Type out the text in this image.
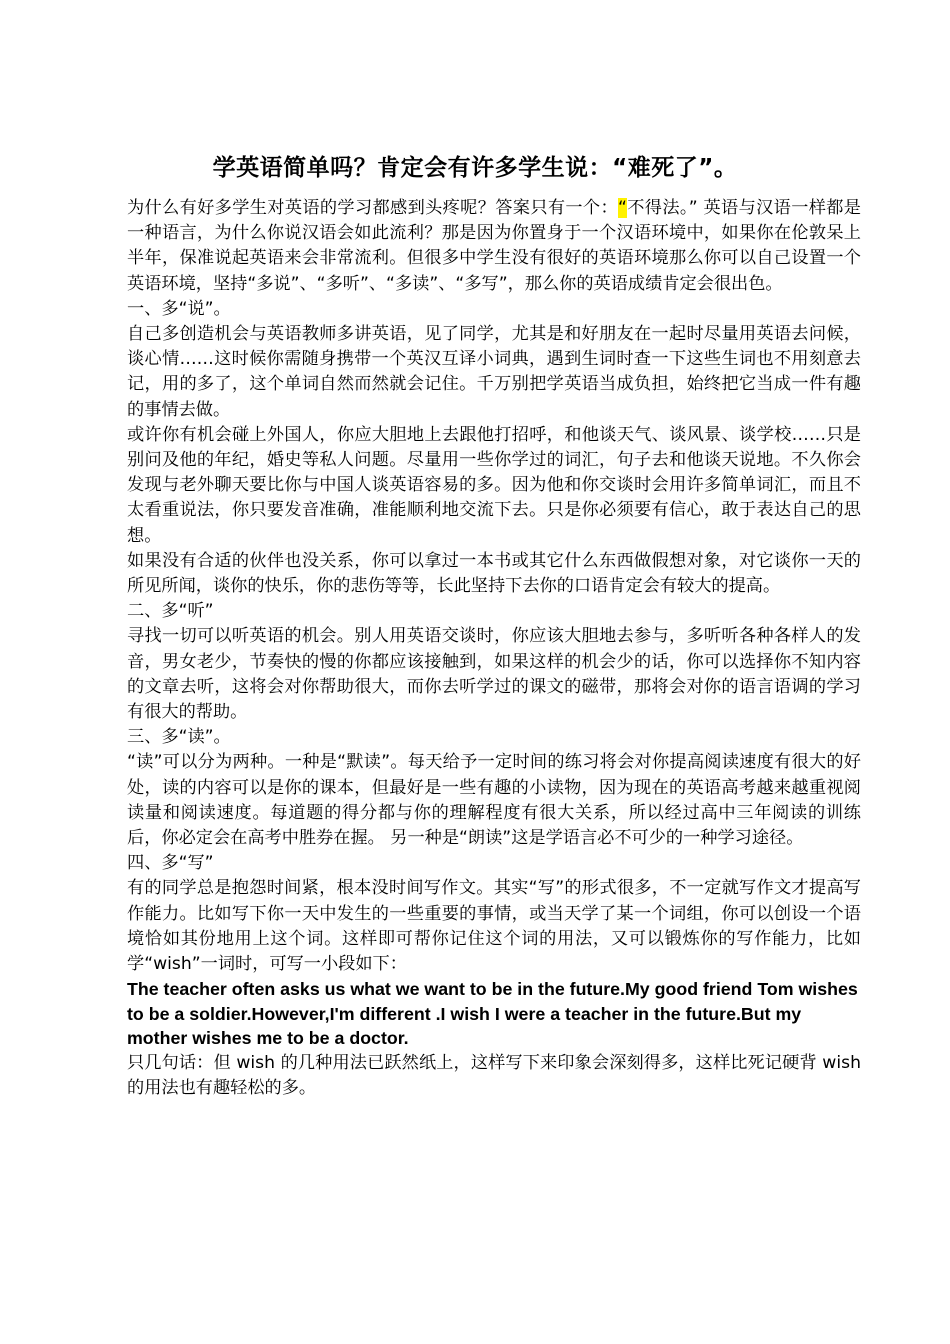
学英语简单吗？肯定会有许多学生说：“难死了”。

为什么有好多学生对英语的学习都感到头疼呢？答案只有一个：“不得法。” 英语与汉语一样都是一种语言，为什么你说汉语会如此流利？那是因为你置身于一个汉语环境中，如果你在伦敦呆上半年，保准说起英语来会非常流利。但很多中学生没有很好的英语环境那么你可以自己设置一个英语环境，坚持“多说”、“多听”、“多读”、“多写”，那么你的英语成绩肯定会很出色。

一、多“说”。

自己多创造机会与英语教师多讲英语，见了同学，尤其是和好朋友在一起时尽量用英语去问候，谈心情……这时候你需随身携带一个英汉互译小词典，遇到生词时查一下这些生词也不用刻意去记，用的多了，这个单词自然而然就会记住。千万别把学英语当成负担，始终把它当成一件有趣的事情去做。

或许你有机会碰上外国人，你应大胆地上去跟他打招呼，和他谈天气、谈风景、谈学校……只是别问及他的年纪，婚史等私人问题。尽量用一些你学过的词汇，句子去和他谈天说地。不久你会发现与老外聊天要比你与中国人谈英语容易的多。因为他和你交谈时会用许多简单词汇，而且不太看重说法，你只要发音准确，准能顺利地交流下去。只是你必须要有信心，敢于表达自己的思想。

如果没有合适的伙伴也没关系，你可以拿过一本书或其它什么东西做假想对象，对它谈你一天的所见所闻，谈你的快乐，你的悲伤等等，长此坚持下去你的口语肯定会有较大的提高。

二、多“听”

寻找一切可以听英语的机会。别人用英语交谈时，你应该大胆地去参与，多听听各种各样人的发音，男女老少，节奏快的慢的你都应该接触到，如果这样的机会少的话，你可以选择你不知内容的文章去听，这将会对你帮助很大，而你去听学过的课文的磁带，那将会对你的语言语调的学习有很大的帮助。

三、多“读”。

“读”可以分为两种。一种是“默读”。每天给予一定时间的练习将会对你提高阅读速度有很大的好处，读的内容可以是你的课本，但最好是一些有趣的小读物，因为现在的英语高考越来越重视阅读量和阅读速度。每道题的得分都与你的理解程度有很大关系，所以经过高中三年阅读的训练后，你必定会在高考中胜券在握。 另一种是“朗读”这是学语言必不可少的一种学习途径。

四、多“写”

有的同学总是抱怨时间紧，根本没时间写作文。其实“写”的形式很多，不一定就写作文才提高写作能力。比如写下你一天中发生的一些重要的事情，或当天学了某一个词组，你可以创设一个语境恰如其份地用上这个词。这样即可帮你记住这个词的用法，又可以锻炼你的写作能力，比如学“wish”一词时，可写一小段如下：

The teacher often asks us what we want to be in the future.My good friend Tom wishes to be a soldier.However,I'm different .I wish I were a teacher in the future.But my mother wishes me to be a doctor.

只几句话：但 wish 的几种用法已跃然纸上，这样写下来印象会深刻得多，这样比死记硬背 wish 的用法也有趣轻松的多。
